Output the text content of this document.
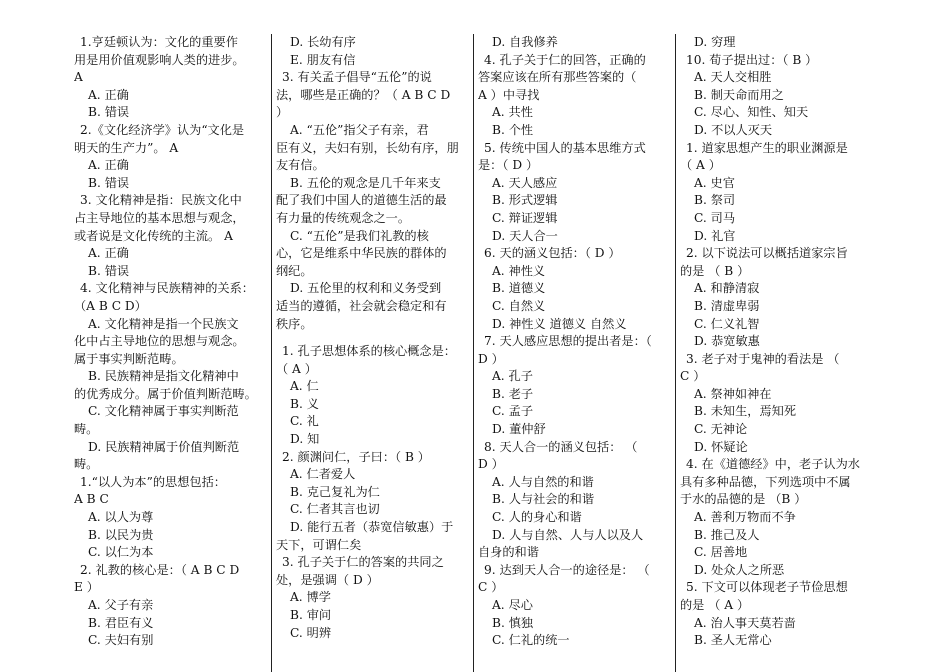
1.亨廷顿认为：文化的重要作
用是用价值观影响人类的进步。
A
A. 正确
B. 错误
2.《文化经济学》认为“文化是
明天的生产力”。 A
A. 正确
B. 错误
3. 文化精神是指：民族文化中
占主导地位的基本思想与观念，
或者说是文化传统的主流。 A
A. 正确
B. 错误
4. 文化精神与民族精神的关系：
（A B C D）
A. 文化精神是指一个民族文
化中占主导地位的思想与观念。
属于事实判断范畴。
B. 民族精神是指文化精神中
的优秀成分。属于价值判断范畴。
C. 文化精神属于事实判断范
畴。
D. 民族精神属于价值判断范
畴。
1.“以人为本”的思想包括：
A B C
A. 以人为尊
B. 以民为贵
C. 以仁为本
2. 礼教的核心是：（ A B C D
E ）
A. 父子有亲
B. 君臣有义
C. 夫妇有别
D. 长幼有序
E. 朋友有信
3. 有关孟子倡导“五伦”的说
法，哪些是正确的？（ A B C D
）
A. “五伦”指父子有亲，君
臣有义，夫妇有别，长幼有序，朋
友有信。
B. 五伦的观念是几千年来支
配了我们中国人的道德生活的最
有力量的传统观念之一。
C. “五伦”是我们礼教的核
心，它是维系中华民族的群体的
纲纪。
D. 五伦里的权利和义务受到
适当的遵循，社会就会稳定和有
秩序。
1. 孔子思想体系的核心概念是：
（ A ）
A. 仁
B. 义
C. 礼
D. 知
2. 颜渊问仁，子曰：（ B ）
A. 仁者爱人
B. 克己复礼为仁
C. 仁者其言也讱
D. 能行五者（恭宽信敏惠）于
天下，可谓仁矣
3. 孔子关于仁的答案的共同之
处，是强调（ D ）
A. 博学
B. 审问
C. 明辨
D. 自我修养
4. 孔子关于仁的回答，正确的
答案应该在所有那些答案的（
A ）中寻找
A. 共性
B. 个性
5. 传统中国人的基本思维方式
是：（ D ）
A. 天人感应
B. 形式逻辑
C. 辩证逻辑
D. 天人合一
6. 天的涵义包括：（ D ）
A. 神性义
B. 道德义
C. 自然义
D. 神性义 道德义 自然义
7. 天人感应思想的提出者是：（
D ）
A. 孔子
B. 老子
C. 孟子
D. 董仲舒
8. 天人合一的涵义包括： （
D ）
A. 人与自然的和谐
B. 人与社会的和谐
C. 人的身心和谐
D. 人与自然、人与人以及人
自身的和谐
9. 达到天人合一的途径是： （
C ）
A. 尽心
B. 慎独
C. 仁礼的统一
D. 穷理
10. 荀子提出过：（ B ）
A. 天人交相胜
B. 制天命而用之
C. 尽心、知性、知天
D. 不以人灭天
1. 道家思想产生的职业渊源是
（ A ）
A. 史官
B. 祭司
C. 司马
D. 礼官
2. 以下说法可以概括道家宗旨
的是 （ B ）
A. 和静清寂
B. 清虚卑弱
C. 仁义礼智
D. 恭宽敏惠
3. 老子对于鬼神的看法是 （
C ）
A. 祭神如神在
B. 未知生，焉知死
C. 无神论
D. 怀疑论
4. 在《道德经》中，老子认为水
具有多种品德，下列选项中不属
于水的品德的是 （B ）
A. 善利万物而不争
B. 推己及人
C. 居善地
D. 处众人之所恶
5. 下文可以体现老子节俭思想
的是 （ A ）
A. 治人事天莫若啬
B. 圣人无常心
